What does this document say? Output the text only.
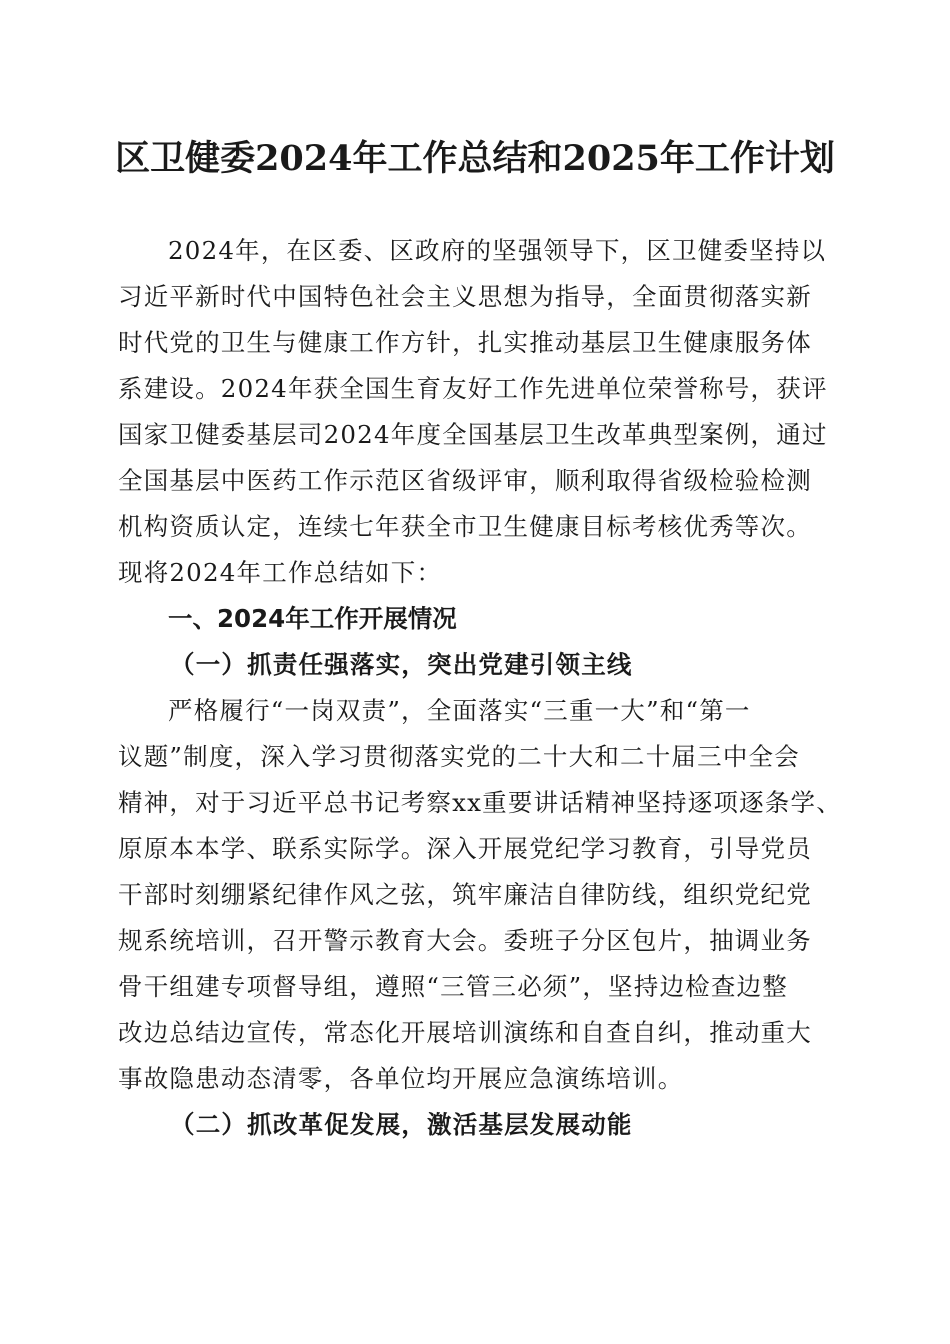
区卫健委2024年工作总结和2025年工作计划
2024年，在区委、区政府的坚强领导下，区卫健委坚持以
习近平新时代中国特色社会主义思想为指导，全面贯彻落实新
时代党的卫生与健康工作方针，扎实推动基层卫生健康服务体
系建设。2024年获全国生育友好工作先进单位荣誉称号，获评
国家卫健委基层司2024年度全国基层卫生改革典型案例，通过
全国基层中医药工作示范区省级评审，顺利取得省级检验检测
机构资质认定，连续七年获全市卫生健康目标考核优秀等次。
现将2024年工作总结如下：
一、2024年工作开展情况
（一）抓责任强落实，突出党建引领主线
严格履行“一岗双责”，全面落实“三重一大”和“第一
议题”制度，深入学习贯彻落实党的二十大和二十届三中全会
精神，对于习近平总书记考察xx重要讲话精神坚持逐项逐条学、
原原本本学、联系实际学。深入开展党纪学习教育，引导党员
干部时刻绷紧纪律作风之弦，筑牢廉洁自律防线，组织党纪党
规系统培训，召开警示教育大会。委班子分区包片，抽调业务
骨干组建专项督导组，遵照“三管三必须”，坚持边检查边整
改边总结边宣传，常态化开展培训演练和自查自纠，推动重大
事故隐患动态清零，各单位均开展应急演练培训。
（二）抓改革促发展，激活基层发展动能
